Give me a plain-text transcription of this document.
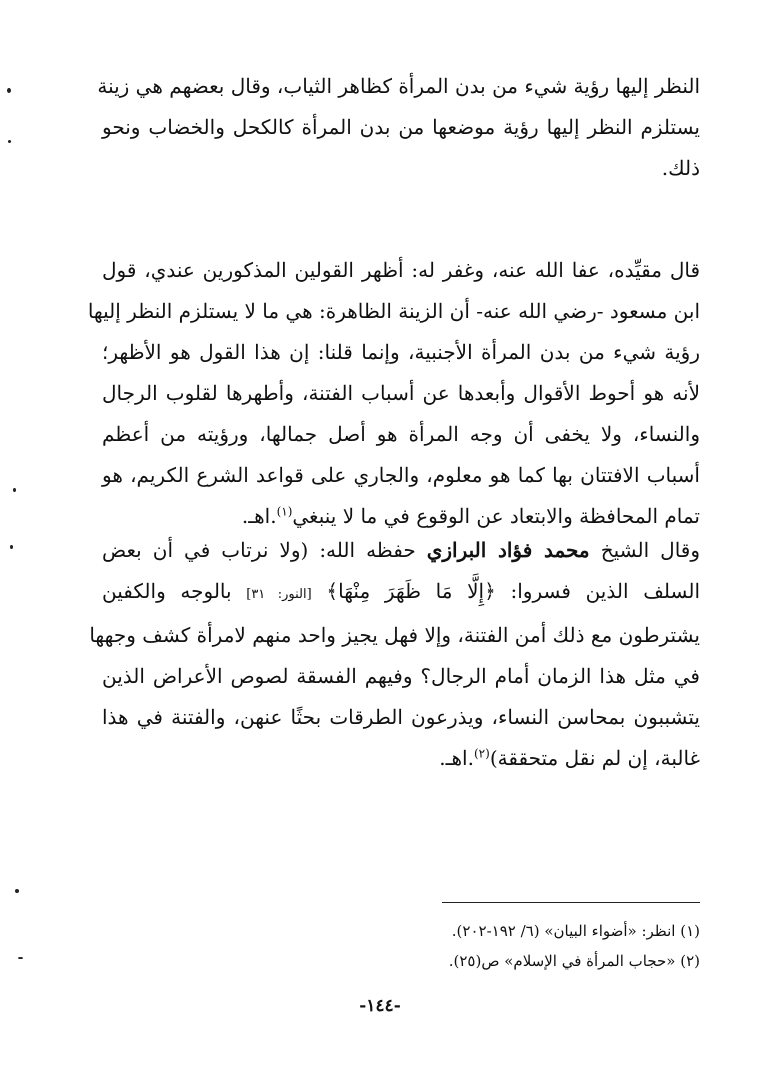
النظر إليها رؤية شيء من بدن المرأة كظاهر الثياب، وقال بعضهم هي زينة
يستلزم النظر إليها رؤية موضعها من بدن المرأة كالكحل والخضاب ونحو
ذلك.

قال مقيِّده، عفا الله عنه، وغفر له: أظهر القولين المذكورين عندي، قول
ابن مسعود -رضي الله عنه- أن الزينة الظاهرة: هي ما لا يستلزم النظر إليها
رؤية شيء من بدن المرأة الأجنبية، وإنما قلنا: إن هذا القول هو الأظهر؛
لأنه هو أحوط الأقوال وأبعدها عن أسباب الفتنة، وأطهرها لقلوب الرجال
والنساء، ولا يخفى أن وجه المرأة هو أصل جمالها، ورؤيته من أعظم
أسباب الافتتان بها كما هو معلوم، والجاري على قواعد الشرع الكريم، هو
تمام المحافظة والابتعاد عن الوقوع في ما لا ينبغي$^{(١)}$.اهـ.

وقال الشيخ محمد فؤاد البرازي حفظه الله: (ولا نرتاب في أن بعض
السلف الذين فسروا: ﴿إِلَّا مَا ظَهَرَ مِنْهَا﴾ [النور: ٣١] بالوجه والكفين
يشترطون مع ذلك أمن الفتنة، وإلا فهل يجيز واحد منهم لامرأة كشف وجهها
في مثل هذا الزمان أمام الرجال؟ وفيهم الفسقة لصوص الأعراض الذين
يتشببون بمحاسن النساء، ويذرعون الطرقات بحثًا عنهن، والفتنة في هذا
غالبة، إن لم نقل متحققة)$^{(٢)}$.اهـ.

(١) انظر: «أضواء البيان» (٦/ ١٩٢-٢٠٢).
(٢) «حجاب المرأة في الإسلام» ص(٢٥).
-١٤٤-
